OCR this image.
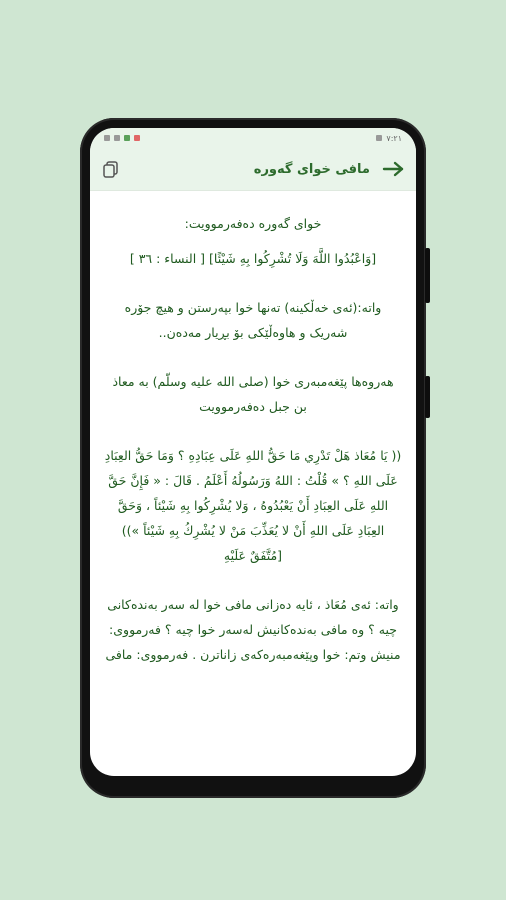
٧:٢١
مافی خوای گەورە

خوای گەورە دەفەرموویت:

[وَاعْبُدُوا اللَّهَ وَلَا تُشْرِكُوا بِهِ شَيْئًا] [ النساء : ٣٦ ]

واتە:(ئەی خەڵکینە) تەنها خوا بپەرستن و هیچ جۆرە شەریک و هاوەڵێکی بۆ بڕیار مەدەن..

هەروەها پێغەمبەری خوا (صلی الله علیه وسلّم) بە معاذ بن جبل دەفەرموویت

(( يَا مُعَاذ هَلْ تَدْرِي مَا حَقُّ اللهِ عَلَى عِبَادِهِ ؟ وَمَا حَقُّ العِبَادِ عَلَى اللهِ ؟ » قُلْتُ : اللهُ وَرَسُولُهُ أَعْلَمُ . قَالَ : « فَإِنَّ حَقَّ اللهِ عَلَى العِبَادِ أَنْ يَعْبُدُوهُ ، وَلا يُشْرِكُوا بِهِ شَيْئاً ، وَحَقَّ العِبَادِ عَلَى اللهِ أَنْ لا يُعَذِّبَ مَنْ لا يُشْرِكُ بِهِ شَيْئاً »)) [مُتَّفَقٌ عَلَيْهِ

واتە: ئەی مُعَاذ ، ئایە دەزانی مافی خوا لە سەر بەندەکانی چیە ؟ وە مافی بەندەکانیش لەسەر خوا چیە ؟ فەرمووی: منیش وتم: خوا وپێغەمبەرەکەی زاناترن . فەرمووی: مافی
